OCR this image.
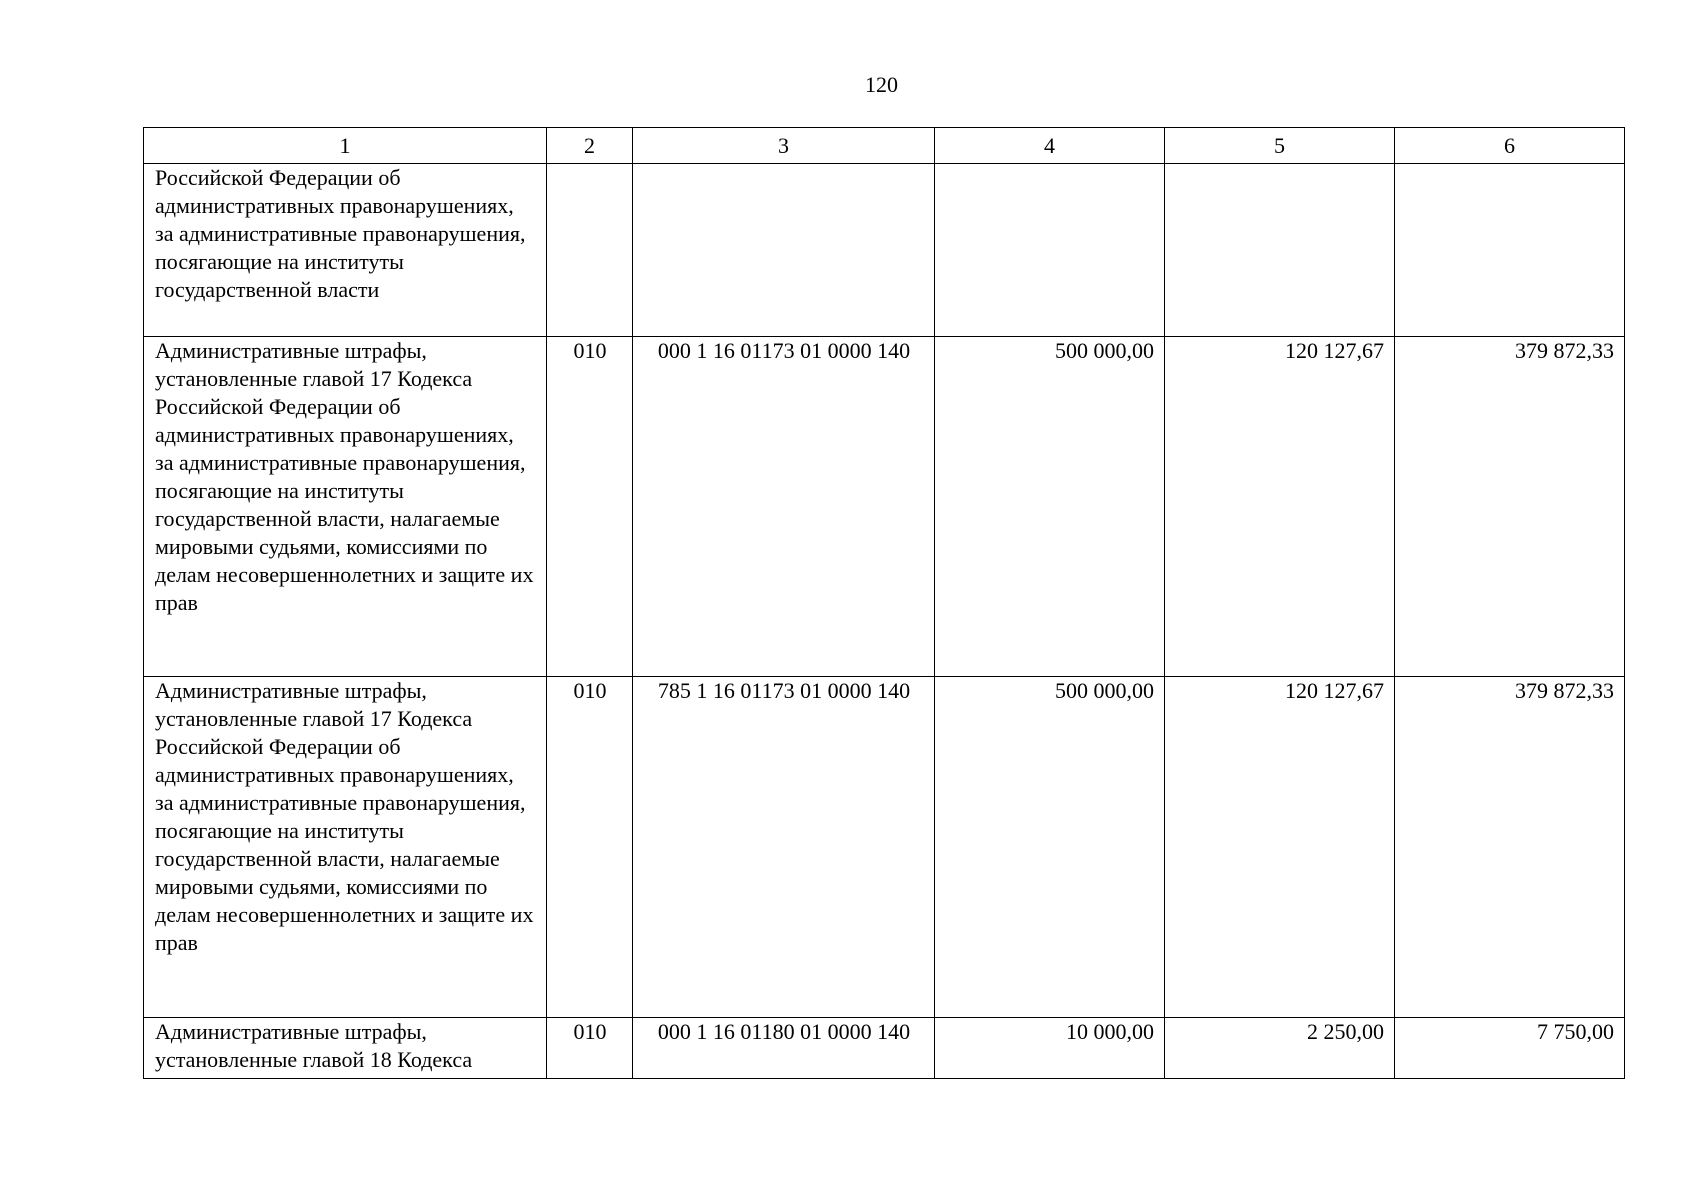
120
1	2	3	4	5	6
Российской Федерации об административных правонарушениях, за административные правонарушения, посягающие на институты государственной власти					
Административные штрафы, установленные главой 17 Кодекса Российской Федерации об административных правонарушениях, за административные правонарушения, посягающие на институты государственной власти, налагаемые мировыми судьями, комиссиями по делам несовершеннолетних и защите их прав	010	000 1 16 01173 01 0000 140	500 000,00	120 127,67	379 872,33
Административные штрафы, установленные главой 17 Кодекса Российской Федерации об административных правонарушениях, за административные правонарушения, посягающие на институты государственной власти, налагаемые мировыми судьями, комиссиями по делам несовершеннолетних и защите их прав	010	785 1 16 01173 01 0000 140	500 000,00	120 127,67	379 872,33
Административные штрафы, установленные главой 18 Кодекса	010	000 1 16 01180 01 0000 140	10 000,00	2 250,00	7 750,00
